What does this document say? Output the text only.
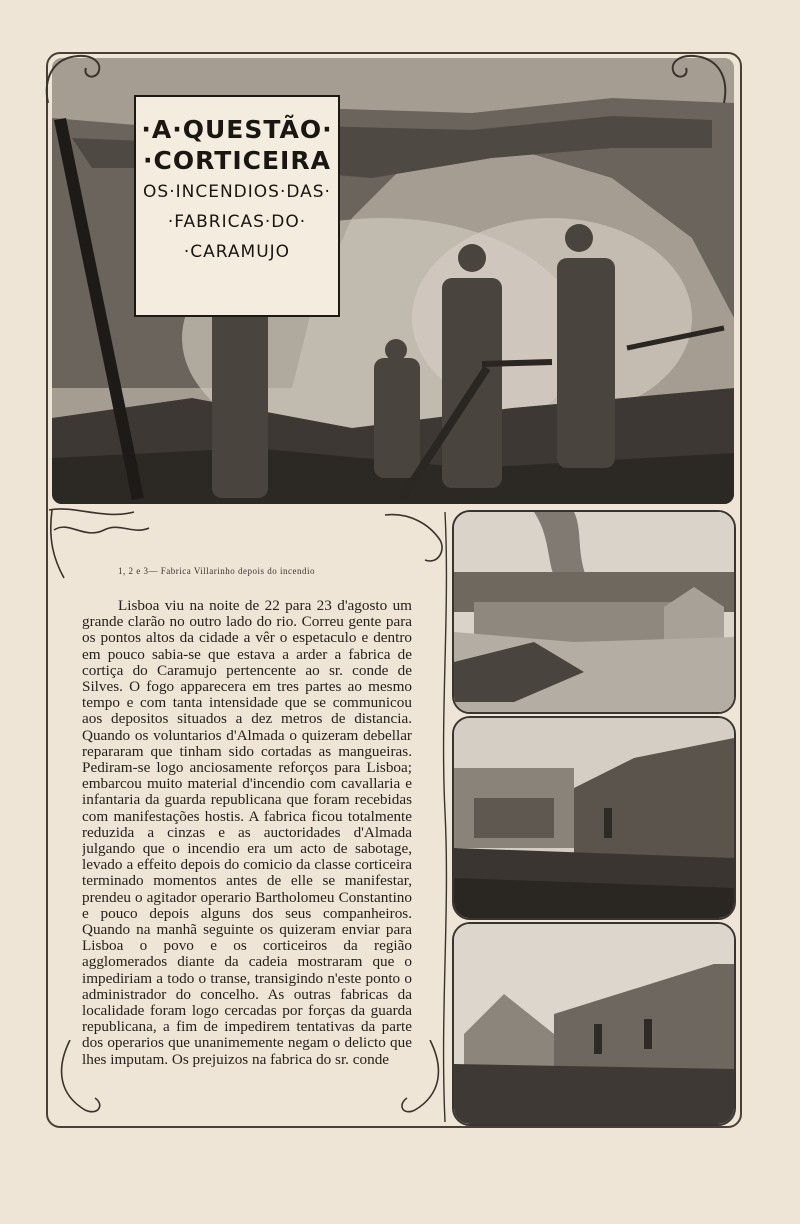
·A·QUESTÃO·
·CORTICEIRA
OS·INCENDIOS·DAS·
·FABRICAS·DO·
·CARAMUJO
1, 2 e 3— Fabrica Villarinho depois do incendio

Lisboa viu na noite de 22 para 23 d'agosto um grande clarão no outro lado do rio. Correu gente para os pontos altos da cidade a vêr o espetaculo e dentro em pouco sabia-se que estava a arder a fabrica de cortiça do Caramujo pertencente ao sr. conde de Silves. O fogo apparecera em tres partes ao mesmo tempo e com tanta intensidade que se communicou aos depositos situados a dez metros de distancia. Quando os voluntarios d'Almada o quizeram debellar repararam que tinham sido cortadas as mangueiras. Pediram-se logo anciosamente reforços para Lisboa; embarcou muito material d'incendio com cavallaria e infantaria da guarda republicana que foram recebidas com manifestações hostis. A fabrica ficou totalmente reduzida a cinzas e as auctoridades d'Almada julgando que o incendio era um acto de sabotage, levado a effeito depois do comicio da classe corticeira terminado momentos antes de elle se manifestar, prendeu o agitador operario Bartholomeu Constantino e pouco depois alguns dos seus companheiros. Quando na manhã seguinte os quizeram enviar para Lisboa o povo e os corticeiros da região agglomerados diante da cadeia mostraram que o impediriam a todo o transe, transigindo n'este ponto o administrador do concelho. As outras fabricas da localidade foram logo cercadas por forças da guarda republicana, a fim de impedirem tentativas da parte dos operarios que unanimemente negam o delicto que lhes imputam. Os prejuizos na fabrica do sr. conde
